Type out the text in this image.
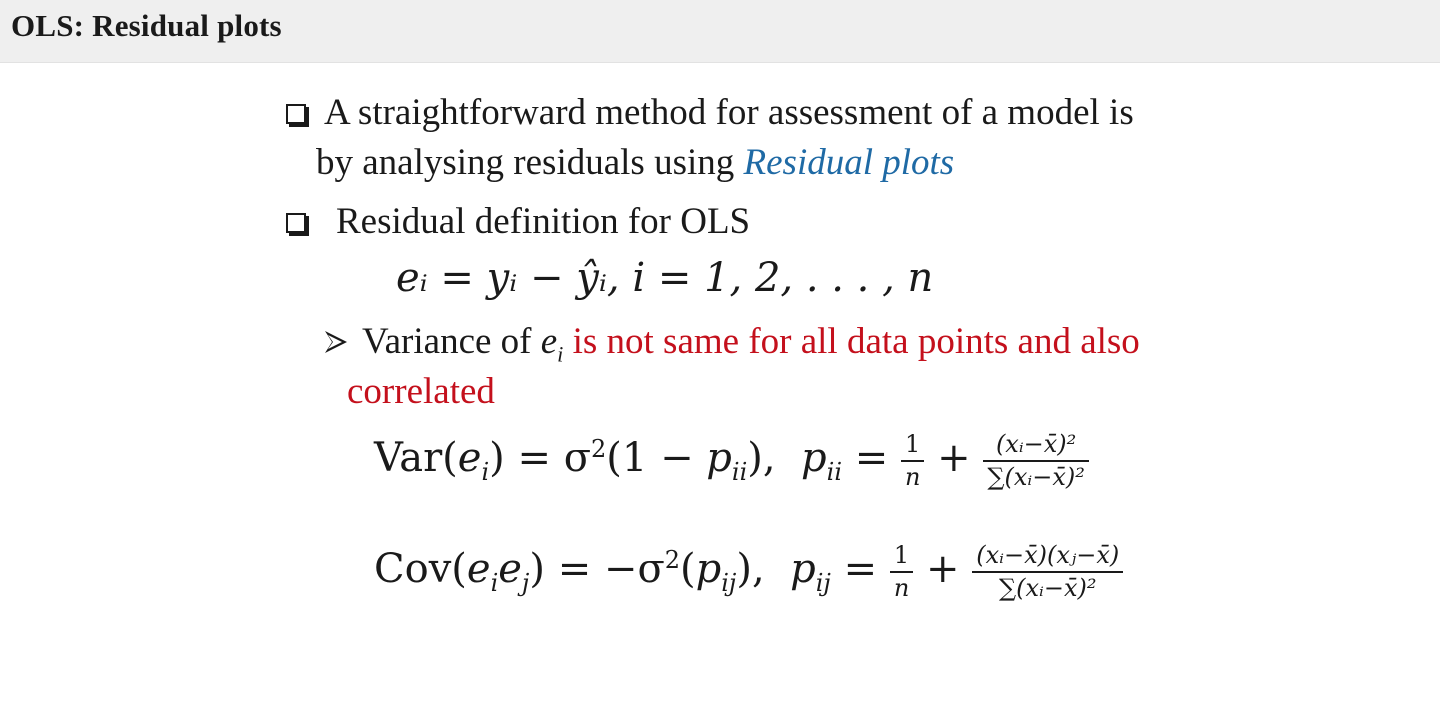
OLS: Residual plots
A straightforward method for assessment of a model is
by analysing residuals using Residual plots
Residual definition for OLS
eᵢ = yᵢ − ŷᵢ, i = 1, 2, . . . , n
Variance of $e_i$ is not same for all data points and also
correlated
$Var(e_i) = \sigma^2(1 - p_{ii})$, $p_{ii} = \frac{1}{n} + \frac{\text{(xᵢ−x̄)²}}{\text{∑(xᵢ−x̄)²}}$
$Cov(e_ie_j) = -\sigma^2(p_{ij})$, $p_{ij} = \frac{1}{n} + \frac{\text{(xᵢ−x̄)(xⱼ−x̄)}}{\text{∑(xᵢ−x̄)²}}$
